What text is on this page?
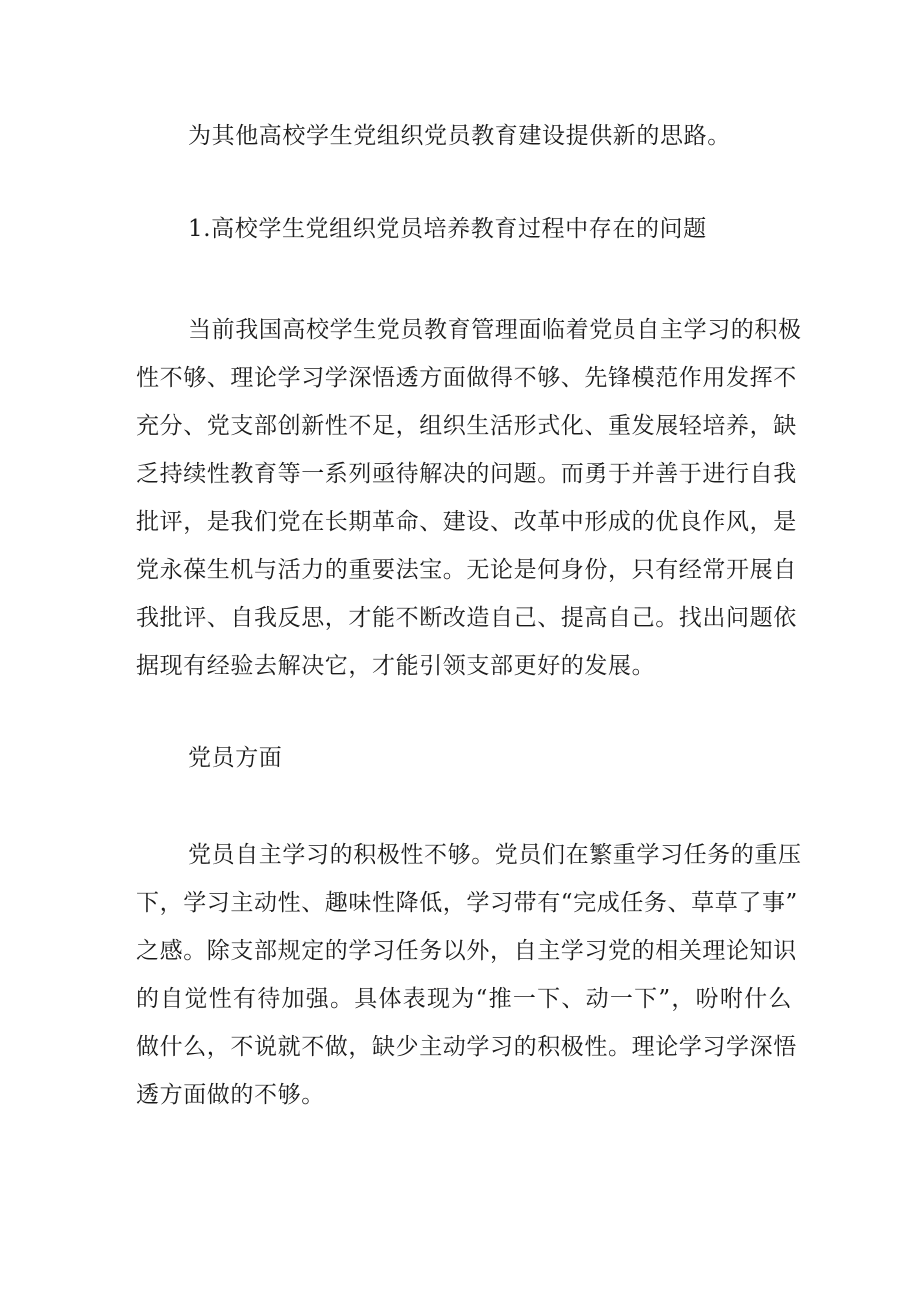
为其他高校学生党组织党员教育建设提供新的思路。
1.高校学生党组织党员培养教育过程中存在的问题
当前我国高校学生党员教育管理面临着党员自主学习的积极
性不够、理论学习学深悟透方面做得不够、先锋模范作用发挥不
充分、党支部创新性不足，组织生活形式化、重发展轻培养，缺
乏持续性教育等一系列亟待解决的问题。而勇于并善于进行自我
批评，是我们党在长期革命、建设、改革中形成的优良作风，是
党永葆生机与活力的重要法宝。无论是何身份，只有经常开展自
我批评、自我反思，才能不断改造自己、提高自己。找出问题依
据现有经验去解决它，才能引领支部更好的发展。
党员方面
党员自主学习的积极性不够。党员们在繁重学习任务的重压
下，学习主动性、趣味性降低，学习带有“完成任务、草草了事”
之感。除支部规定的学习任务以外，自主学习党的相关理论知识
的自觉性有待加强。具体表现为“推一下、动一下”，吩咐什么
做什么，不说就不做，缺少主动学习的积极性。理论学习学深悟
透方面做的不够。
